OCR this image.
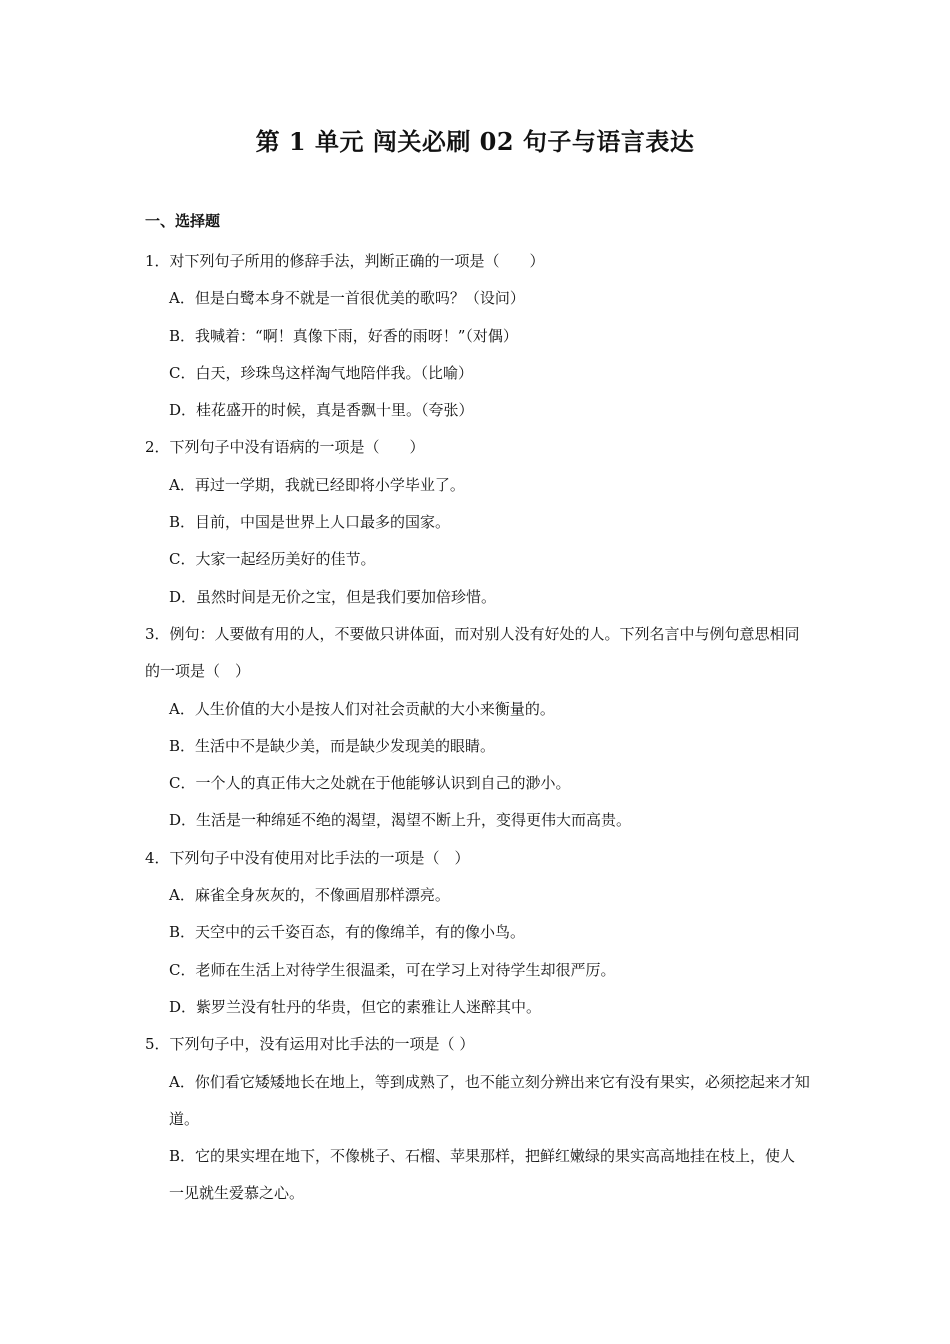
第 1 单元 闯关必刷 02 句子与语言表达
一、选择题

1．对下列句子所用的修辞手法，判断正确的一项是（　　）

A．但是白鹭本身不就是一首很优美的歌吗？（设问）

B．我喊着：“啊！真像下雨，好香的雨呀！”（对偶）

C．白天，珍珠鸟这样淘气地陪伴我。（比喻）

D．桂花盛开的时候，真是香飘十里。（夸张）

2．下列句子中没有语病的一项是（　　）

A．再过一学期，我就已经即将小学毕业了。

B．目前，中国是世界上人口最多的国家。

C．大家一起经历美好的佳节。

D．虽然时间是无价之宝，但是我们要加倍珍惜。

3．例句：人要做有用的人，不要做只讲体面，而对别人没有好处的人。下列名言中与例句意思相同的一项是（　）

A．人生价值的大小是按人们对社会贡献的大小来衡量的。

B．生活中不是缺少美，而是缺少发现美的眼睛。

C．一个人的真正伟大之处就在于他能够认识到自己的渺小。

D．生活是一种绵延不绝的渴望，渴望不断上升，变得更伟大而高贵。

4．下列句子中没有使用对比手法的一项是（　）

A．麻雀全身灰灰的，不像画眉那样漂亮。

B．天空中的云千姿百态，有的像绵羊，有的像小鸟。

C．老师在生活上对待学生很温柔，可在学习上对待学生却很严厉。

D．紫罗兰没有牡丹的华贵，但它的素雅让人迷醉其中。

5．下列句子中，没有运用对比手法的一项是（ ）

A．你们看它矮矮地长在地上，等到成熟了，也不能立刻分辨出来它有没有果实，必须挖起来才知道。

B．它的果实埋在地下，不像桃子、石榴、苹果那样，把鲜红嫩绿的果实高高地挂在枝上，使人一见就生爱慕之心。
